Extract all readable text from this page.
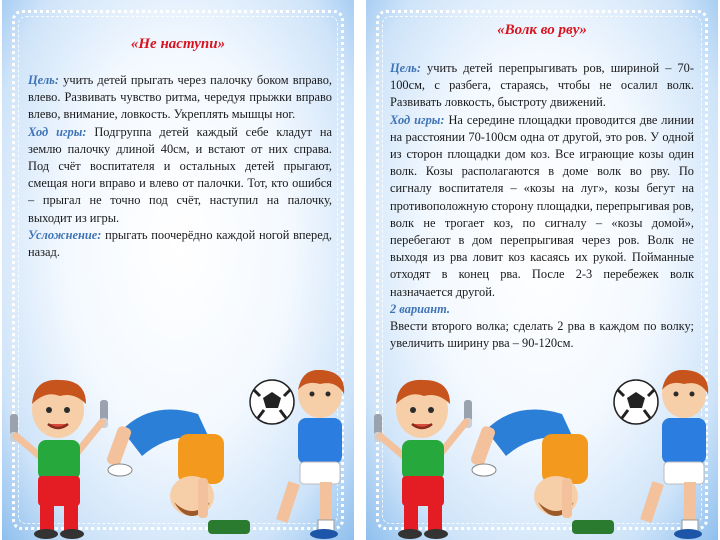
«Не наступи»

Цель: учить детей прыгать через палочку боком вправо, влево. Развивать чувство ритма, чередуя прыжки вправо влево, внимание, ловкость. Укреплять мышцы ног.

Ход игры: Подгруппа детей каждый себе кладут на землю палочку длиной 40см, и встают от них справа. Под счёт воспитателя и остальных детей прыгают, смещая ноги вправо и влево от палочки. Тот, кто ошибся – прыгал не точно под счёт, наступил на палочку, выходит из игры.

Усложнение: прыгать поочерёдно каждой ногой вперед, назад.

«Волк во рву»

Цель: учить детей перепрыгивать ров, шириной – 70-100см, с разбега, стараясь, чтобы не осалил волк. Развивать ловкость, быстроту движений.

Ход игры: На середине площадки проводится две линии на расстоянии 70-100см одна от другой, это ров. У одной из сторон площадки дом коз. Все играющие козы один волк. Козы располагаются в доме волк во рву. По сигналу воспитателя – «козы на луг», козы бегут на противоположную сторону площадки, перепрыгивая ров, волк не трогает коз, по сигналу – «козы домой», перебегают в дом перепрыгивая через ров. Волк не выходя из рва ловит коз касаясь их рукой. Пойманные отходят в конец рва. После 2-3 перебежек волк назначается другой.

2 вариант.

Ввести второго волка; сделать 2 рва в каждом по волку; увеличить ширину рва – 90-120см.
